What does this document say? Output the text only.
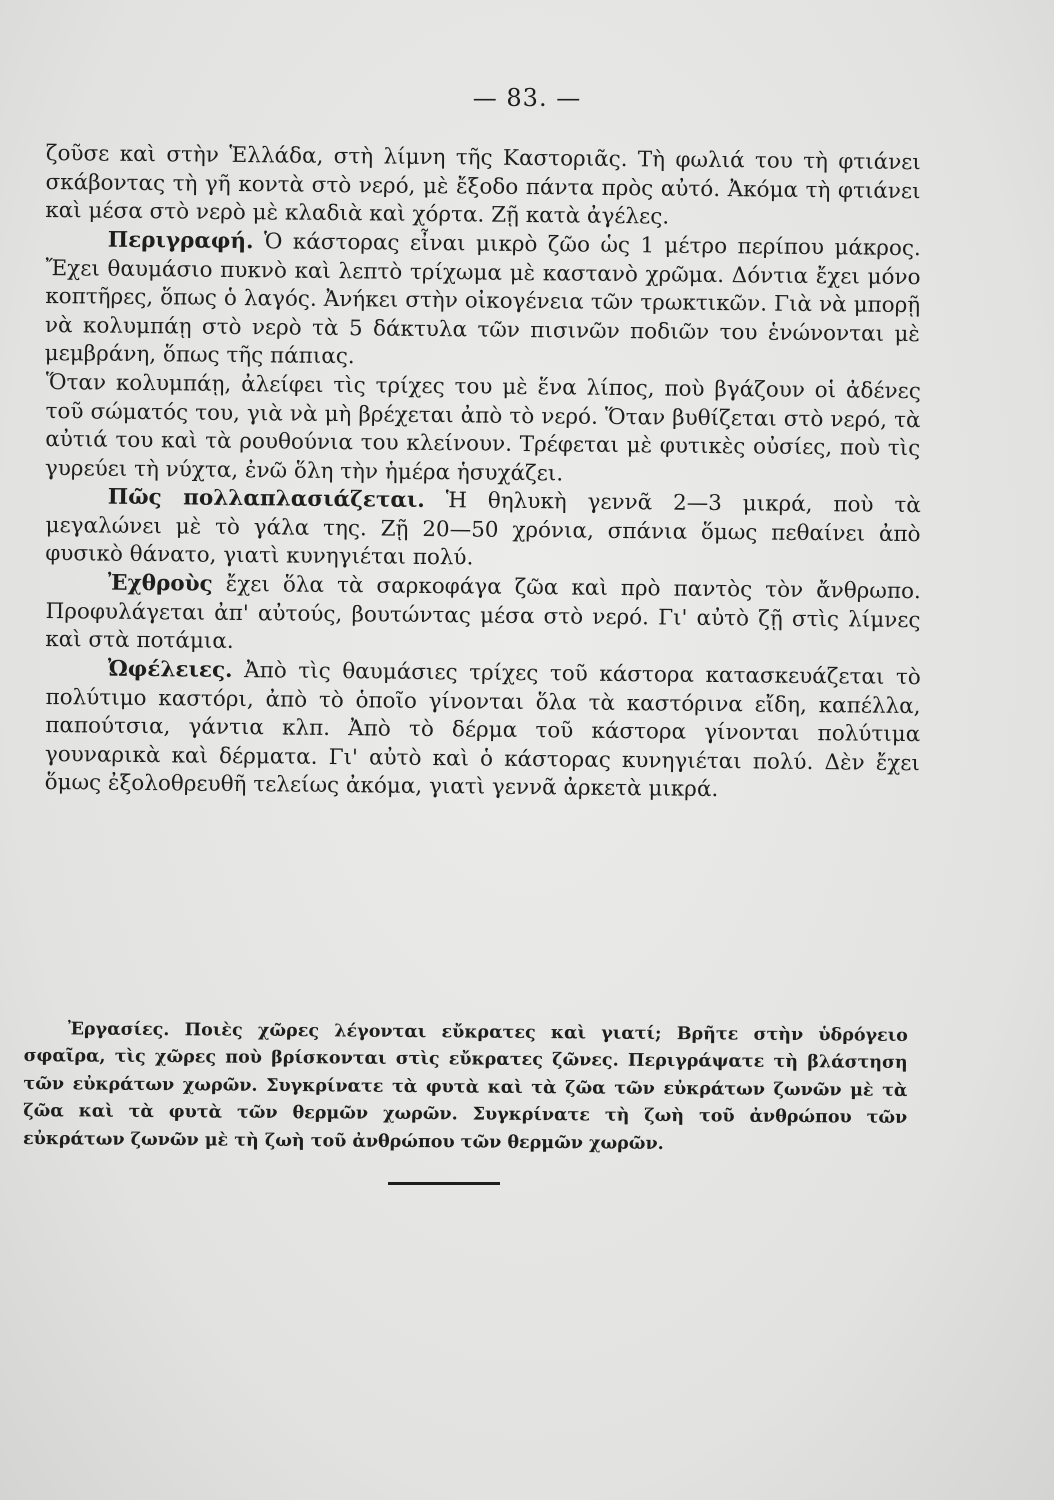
— 83. —

ζοῦσε καὶ στὴν Ἑλλάδα, στὴ λίμνη τῆς Καστοριᾶς. Τὴ φωλιά του τὴ φτιάνει σκάβοντας τὴ γῆ κοντὰ στὸ νερό, μὲ ἔξοδο πάντα πρὸς αὐτό. Ἀκόμα τὴ φτιάνει καὶ μέσα στὸ νερὸ μὲ κλαδιὰ καὶ χόρτα. Ζῇ κατὰ ἀγέλες.

Περιγραφή. Ὁ κάστορας εἶναι μικρὸ ζῶο ὡς 1 μέτρο περίπου μάκρος. Ἔχει θαυμάσιο πυκνὸ καὶ λεπτὸ τρίχωμα μὲ καστανὸ χρῶμα. Δόντια ἔχει μόνο κοπτῆρες, ὅπως ὁ λαγός. Ἀνήκει στὴν οἰκογένεια τῶν τρωκτικῶν. Γιὰ νὰ μπορῇ νὰ κολυμπάῃ στὸ νερὸ τὰ 5 δάκτυλα τῶν πισινῶν ποδιῶν του ἑνώνονται μὲ μεμβράνη, ὅπως τῆς πάπιας.

Ὅταν κολυμπάῃ, ἀλείφει τὶς τρίχες του μὲ ἕνα λίπος, ποὺ βγάζουν οἱ ἀδένες τοῦ σώματός του, γιὰ νὰ μὴ βρέχεται ἀπὸ τὸ νερό. Ὅταν βυθίζεται στὸ νερό, τὰ αὐτιά του καὶ τὰ ρουθούνια του κλείνουν. Τρέφεται μὲ φυτικὲς οὐσίες, ποὺ τὶς γυρεύει τὴ νύχτα, ἐνῶ ὅλη τὴν ἡμέρα ἡσυχάζει.

Πῶς πολλαπλασιάζεται. Ἡ θηλυκὴ γεννᾶ 2—3 μικρά, ποὺ τὰ μεγαλώνει μὲ τὸ γάλα της. Ζῇ 20—50 χρόνια, σπάνια ὅμως πεθαίνει ἀπὸ φυσικὸ θάνατο, γιατὶ κυνηγιέται πολύ.

Ἐχθροὺς ἔχει ὅλα τὰ σαρκοφάγα ζῶα καὶ πρὸ παντὸς τὸν ἄνθρωπο. Προφυλάγεται ἀπ' αὐτούς, βουτώντας μέσα στὸ νερό. Γι' αὐτὸ ζῇ στὶς λίμνες καὶ στὰ ποτάμια.

Ὠφέλειες. Ἀπὸ τὶς θαυμάσιες τρίχες τοῦ κάστορα κατασκευάζεται τὸ πολύτιμο καστόρι, ἀπὸ τὸ ὁποῖο γίνονται ὅλα τὰ καστόρινα εἴδη, καπέλλα, παπούτσια, γάντια κλπ. Ἀπὸ τὸ δέρμα τοῦ κάστορα γίνονται πολύτιμα γουναρικὰ καὶ δέρματα. Γι' αὐτὸ καὶ ὁ κάστορας κυνηγιέται πολύ. Δὲν ἔχει ὅμως ἐξολοθρευθῆ τελείως ἀκόμα, γιατὶ γεννᾶ ἀρκετὰ μικρά.

Ἐργασίες. Ποιὲς χῶρες λέγονται εὔκρατες καὶ γιατί; Βρῆτε στὴν ὑδρόγειο σφαῖρα, τὶς χῶρες ποὺ βρίσκονται στὶς εὔκρατες ζῶνες. Περιγράψατε τὴ βλάστηση τῶν εὐκράτων χωρῶν. Συγκρίνατε τὰ φυτὰ καὶ τὰ ζῶα τῶν εὐκράτων ζωνῶν μὲ τὰ ζῶα καὶ τὰ φυτὰ τῶν θερμῶν χωρῶν. Συγκρίνατε τὴ ζωὴ τοῦ ἀνθρώπου τῶν εὐκράτων ζωνῶν μὲ τὴ ζωὴ τοῦ ἀνθρώπου τῶν θερμῶν χωρῶν.
